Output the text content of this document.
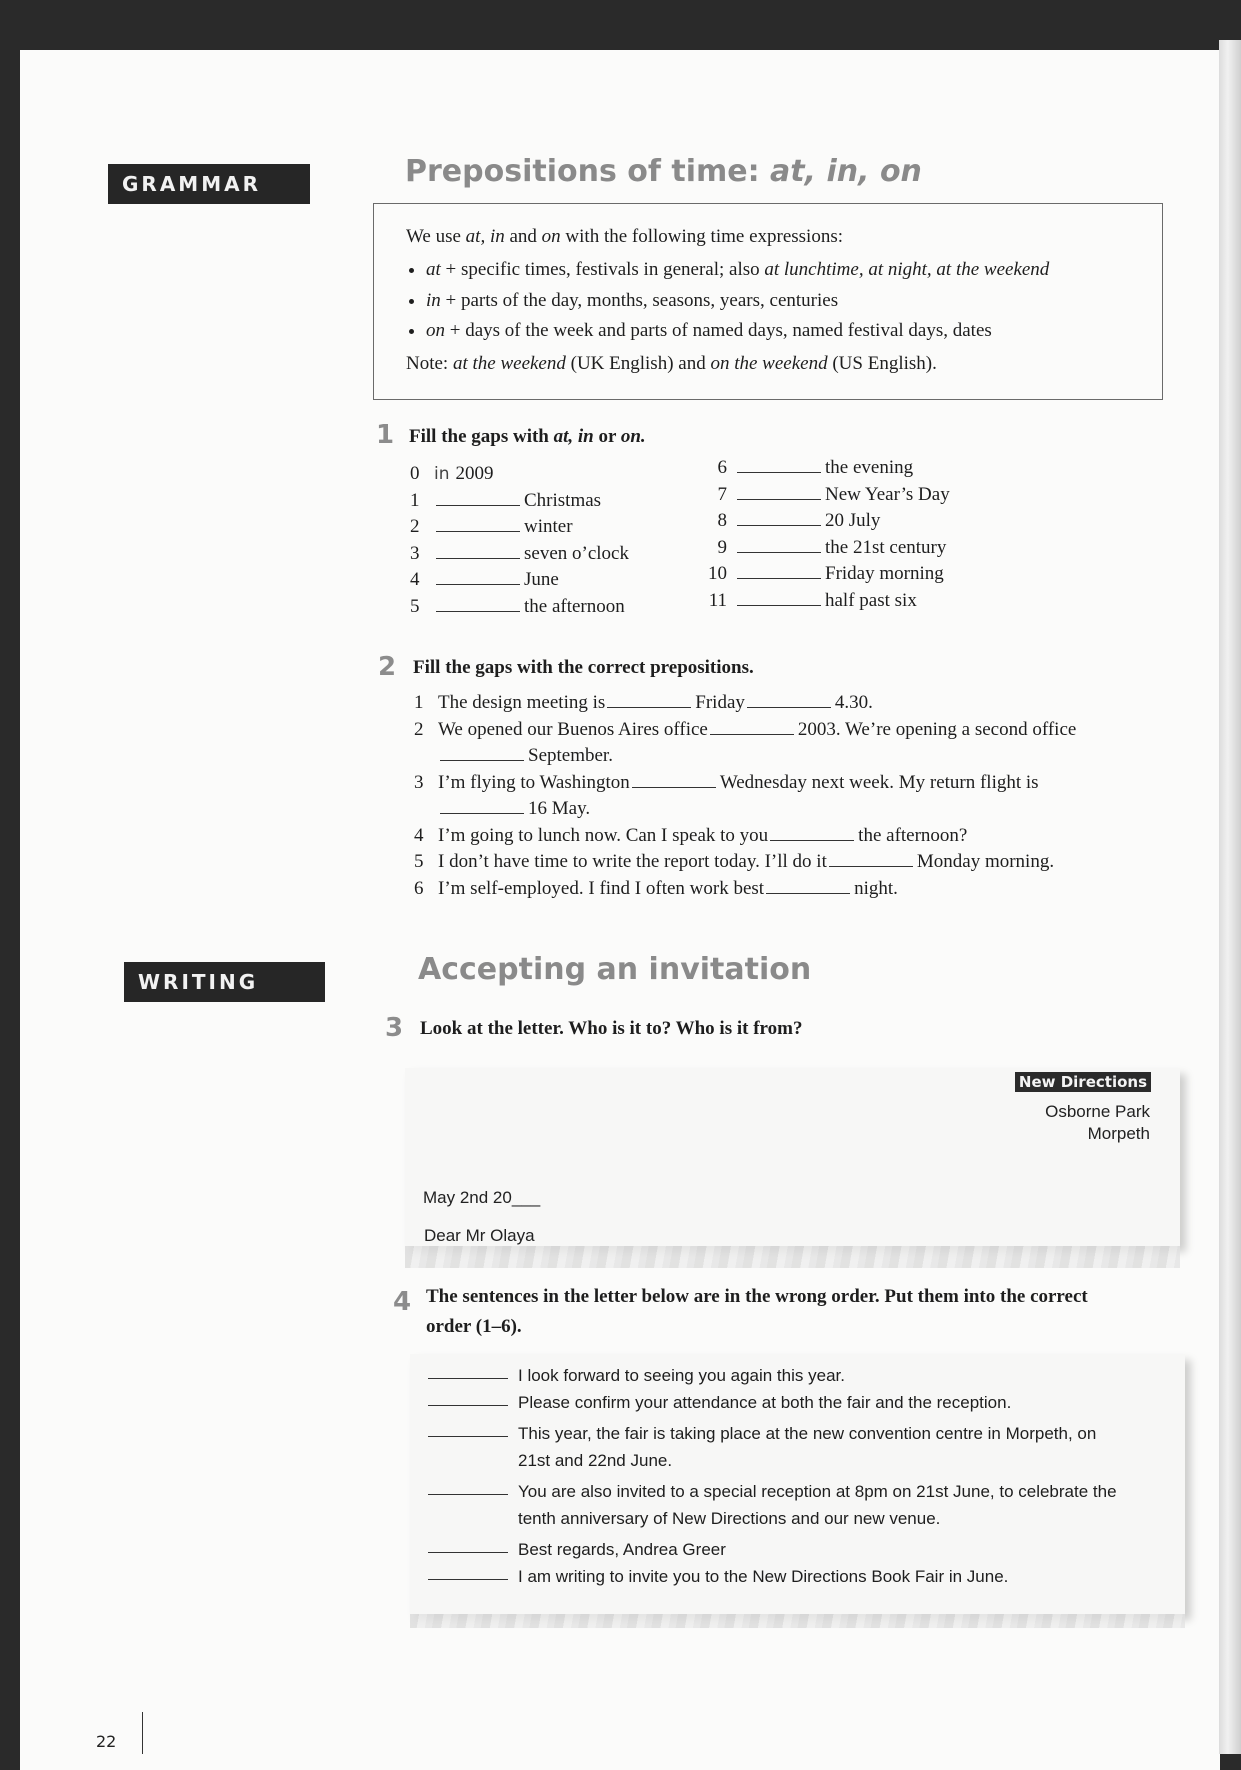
GRAMMAR	Prepositions of time: at, in, on
We use at, in and on with the following time expressions:
• at + specific times, festivals in general; also at lunchtime, at night, at the weekend
• in + parts of the day, months, seasons, years, centuries
• on + days of the week and parts of named days, named festival days, dates
Note: at the weekend (UK English) and on the weekend (US English).
1 Fill the gaps with at, in or on.
0 in 2009
1	Christmas
2	winter
3	seven o’clock
4	June
5	the afternoon
6	the evening
7	New Year’s Day
8	20 July
9	the 21st century
10	Friday morning
11	half past six
2 Fill the gaps with the correct prepositions.
1 The design meeting is	Friday	4.30.
2 We opened our Buenos Aires office	2003. We’re opening a second office
September.
3 I’m flying to Washington	Wednesday next week. My return flight is
16 May.
4 I’m going to lunch now. Can I speak to you	the afternoon?
5 I don’t have time to write the report today. I’ll do it	Monday morning.
6 I’m self-employed. I find I often work best	night.
WRITING	Accepting an invitation
3 Look at the letter. Who is it to? Who is it from?
New Directions
Osborne Park
Morpeth
May 2nd 20___
Dear Mr Olaya
4 The sentences in the letter below are in the wrong order. Put them into the correct
order (1–6).
I look forward to seeing you again this year.
Please confirm your attendance at both the fair and the reception.
This year, the fair is taking place at the new convention centre in Morpeth, on
21st and 22nd June.
You are also invited to a special reception at 8pm on 21st June, to celebrate the
tenth anniversary of New Directions and our new venue.
Best regards, Andrea Greer
I am writing to invite you to the New Directions Book Fair in June.
22
